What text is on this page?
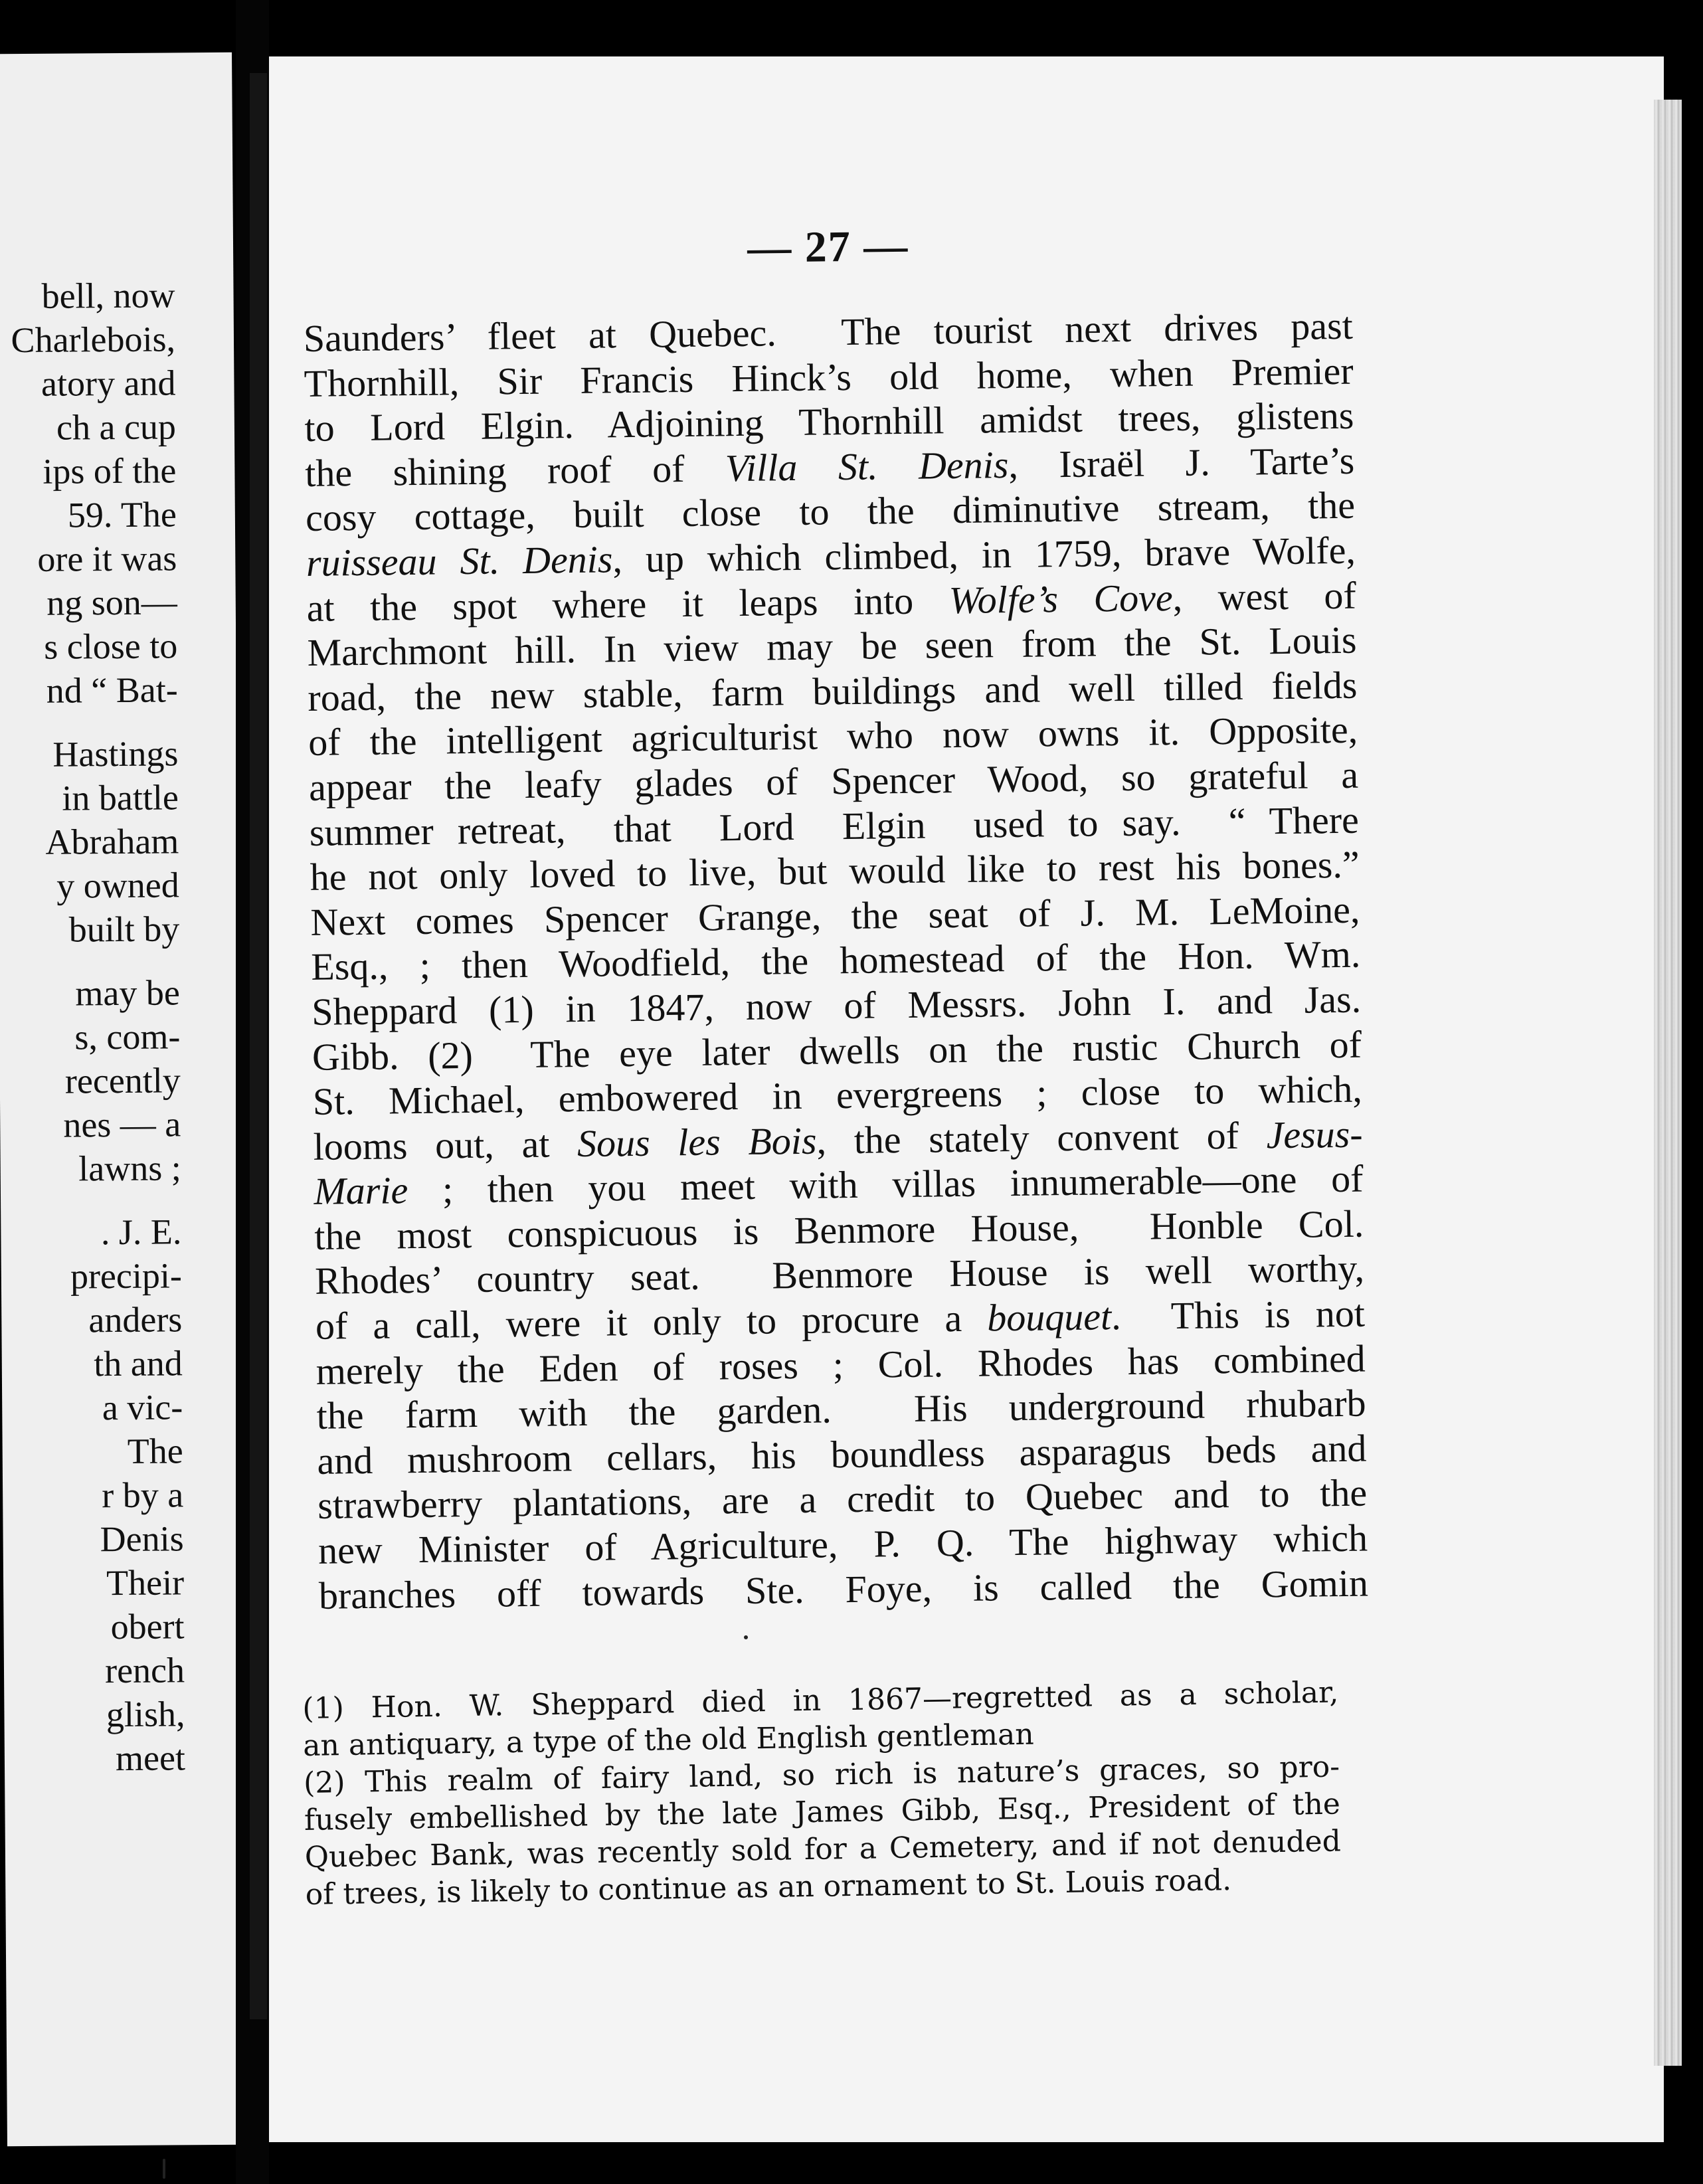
bell, now
Charlebois,
atory and
ch a cup
ips of the
59. The
ore it was
ng son—
s close to
nd “ Bat-
Hastings
in battle
Abraham
y owned
built by
may be
s, com-
recently
nes — a
lawns ;
. J. E.
precipi-
anders
th and
a vic-
The
r by a
Denis
Their
obert
rench
glish,
meet
— 27 —
Saunders’ fleet at Quebec.  The tourist next drives past
Thornhill, Sir Francis Hinck’s old home, when Premier
to Lord Elgin. Adjoining Thornhill amidst trees, glistens
the shining roof of Villa St. Denis, Israël J. Tarte’s
cosy cottage, built close to the diminutive stream, the
ruisseau St. Denis, up which climbed, in 1759, brave Wolfe,
at the spot where it leaps into Wolfe’s Cove, west of
Marchmont hill. In view may be seen from the St. Louis
road, the new stable, farm buildings and well tilled fields
of the intelligent agriculturist who now owns it. Opposite,
appear the leafy glades of Spencer Wood, so grateful a
summer retreat,  that  Lord  Elgin  used to say.  “ There
he not only loved to live, but would like to rest his bones.”
Next comes Spencer Grange, the seat of J. M. LeMoine,
Esq., ; then Woodfield, the homestead of the Hon. Wm.
Sheppard (1) in 1847, now of Messrs. John I. and Jas.
Gibb. (2)  The eye later dwells on the rustic Church of
St. Michael, embowered in evergreens ; close to which,
looms out, at Sous les Bois, the stately convent of Jesus-
Marie ; then you meet with villas innumerable—one of
the most conspicuous is Benmore House,  Honble Col.
Rhodes’ country seat.  Benmore House is well worthy,
of a call, were it only to procure a bouquet.  This is not
merely the Eden of roses ; Col. Rhodes has combined
the farm with the garden.  His underground rhubarb
and mushroom cellars, his boundless asparagus beds and
strawberry plantations, are a credit to Quebec and to the
new Minister of Agriculture, P. Q. The highway which
branches off towards Ste. Foye, is called the Gomin
(1) Hon. W. Sheppard died in 1867—regretted as a scholar,
an antiquary, a type of the old English gentleman
(2) This realm of fairy land, so rich is nature’s graces, so pro-
fusely embellished by the late James Gibb, Esq., President of the
Quebec Bank, was recently sold for a Cemetery, and if not denuded
of trees, is likely to continue as an ornament to St. Louis road.
